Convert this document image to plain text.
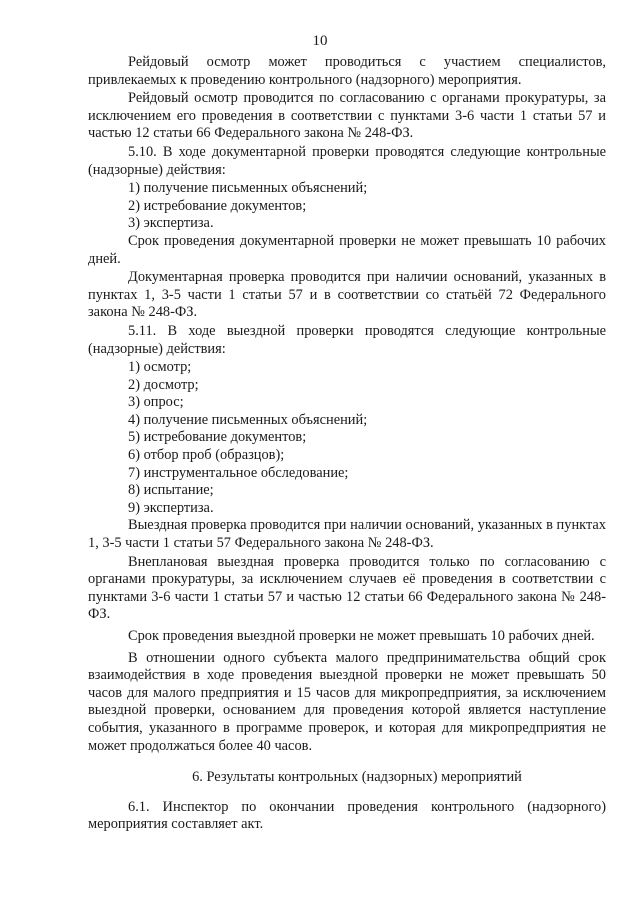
10

Рейдовый осмотр может проводиться с участием специалистов, привлекаемых к проведению контрольного (надзорного) мероприятия.

Рейдовый осмотр проводится по согласованию с органами прокуратуры, за исключением его проведения в соответствии с пунктами 3-6 части 1 статьи 57 и частью 12 статьи 66 Федерального закона № 248-ФЗ.

5.10. В ходе документарной проверки проводятся следующие контрольные (надзорные) действия:

1) получение письменных объяснений;

2) истребование документов;

3) экспертиза.

Срок проведения документарной проверки не может превышать 10 рабочих дней.

Документарная проверка проводится при наличии оснований, указанных в пунктах 1, 3-5 части 1 статьи 57 и в соответствии со статьёй 72 Федерального закона № 248-ФЗ.

5.11. В ходе выездной проверки проводятся следующие контрольные (надзорные) действия:

1) осмотр;

2) досмотр;

3) опрос;

4) получение письменных объяснений;

5) истребование документов;

6) отбор проб (образцов);

7) инструментальное обследование;

8) испытание;

9) экспертиза.

Выездная проверка проводится при наличии оснований, указанных в пунктах 1, 3-5 части 1 статьи 57 Федерального закона № 248-ФЗ.

Внеплановая выездная проверка проводится только по согласованию с органами прокуратуры, за исключением случаев её проведения в соответствии с пунктами 3-6 части 1 статьи 57 и частью 12 статьи 66 Федерального закона № 248-ФЗ.

Срок проведения выездной проверки не может превышать 10 рабочих дней.

В отношении одного субъекта малого предпринимательства общий срок взаимодействия в ходе проведения выездной проверки не может превышать 50 часов для малого предприятия и 15 часов для микропредприятия, за исключением выездной проверки, основанием для проведения которой является наступление события, указанного в программе проверок, и которая для микропредприятия не может продолжаться более 40 часов.

6. Результаты контрольных (надзорных) мероприятий

6.1. Инспектор по окончании проведения контрольного (надзорного) мероприятия составляет акт.
